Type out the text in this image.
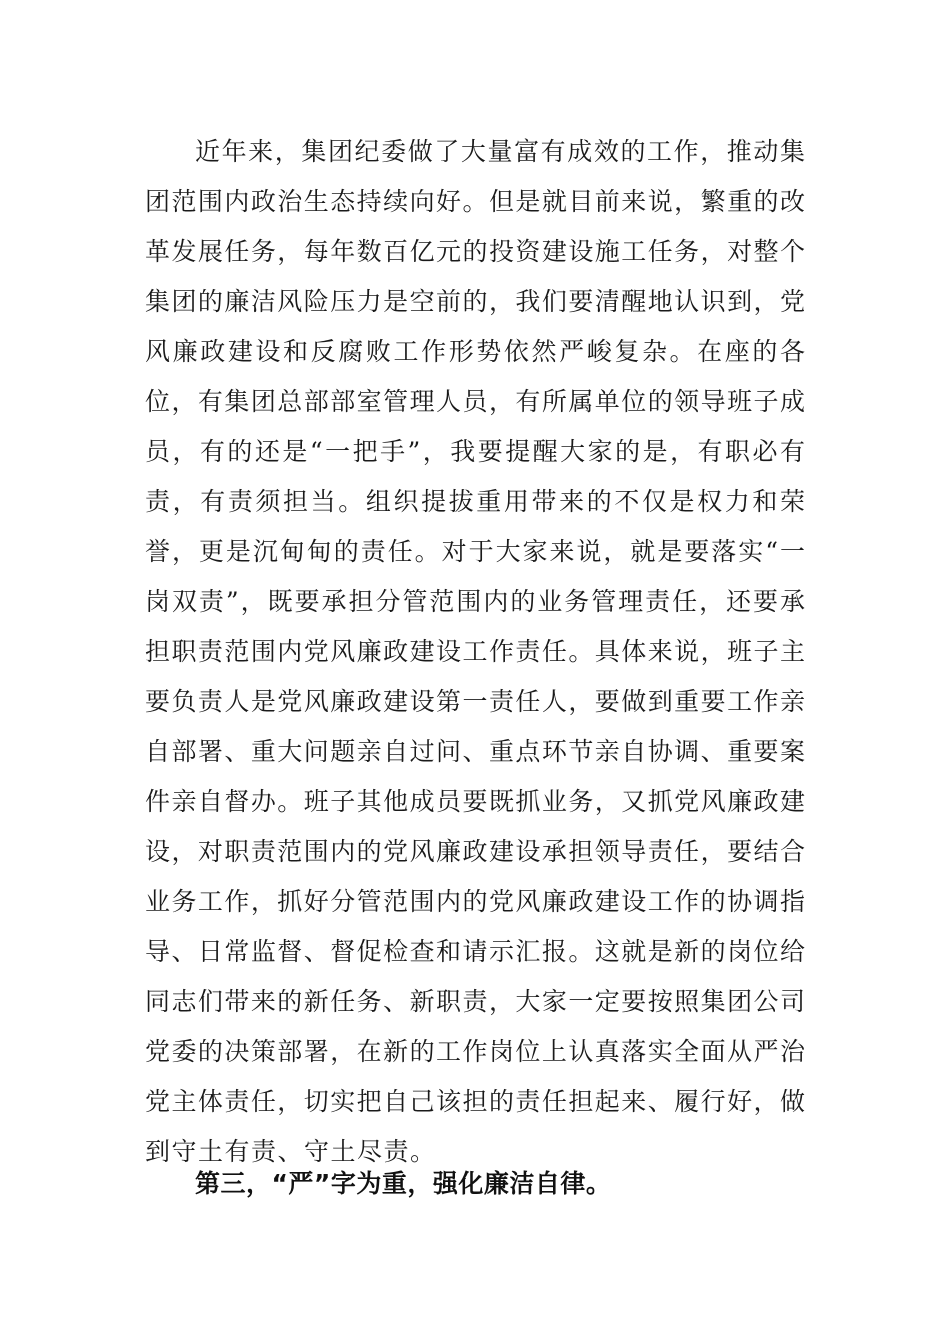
近年来，集团纪委做了大量富有成效的工作，推动集
团范围内政治生态持续向好。但是就目前来说，繁重的改
革发展任务，每年数百亿元的投资建设施工任务，对整个
集团的廉洁风险压力是空前的，我们要清醒地认识到，党
风廉政建设和反腐败工作形势依然严峻复杂。在座的各
位，有集团总部部室管理人员，有所属单位的领导班子成
员，有的还是“一把手”，我要提醒大家的是，有职必有
责，有责须担当。组织提拔重用带来的不仅是权力和荣
誉，更是沉甸甸的责任。对于大家来说，就是要落实“一
岗双责”，既要承担分管范围内的业务管理责任，还要承
担职责范围内党风廉政建设工作责任。具体来说，班子主
要负责人是党风廉政建设第一责任人，要做到重要工作亲
自部署、重大问题亲自过问、重点环节亲自协调、重要案
件亲自督办。班子其他成员要既抓业务，又抓党风廉政建
设，对职责范围内的党风廉政建设承担领导责任，要结合
业务工作，抓好分管范围内的党风廉政建设工作的协调指
导、日常监督、督促检查和请示汇报。这就是新的岗位给
同志们带来的新任务、新职责，大家一定要按照集团公司
党委的决策部署，在新的工作岗位上认真落实全面从严治
党主体责任，切实把自己该担的责任担起来、履行好，做
到守土有责、守土尽责。
第三，“严”字为重，强化廉洁自律。
